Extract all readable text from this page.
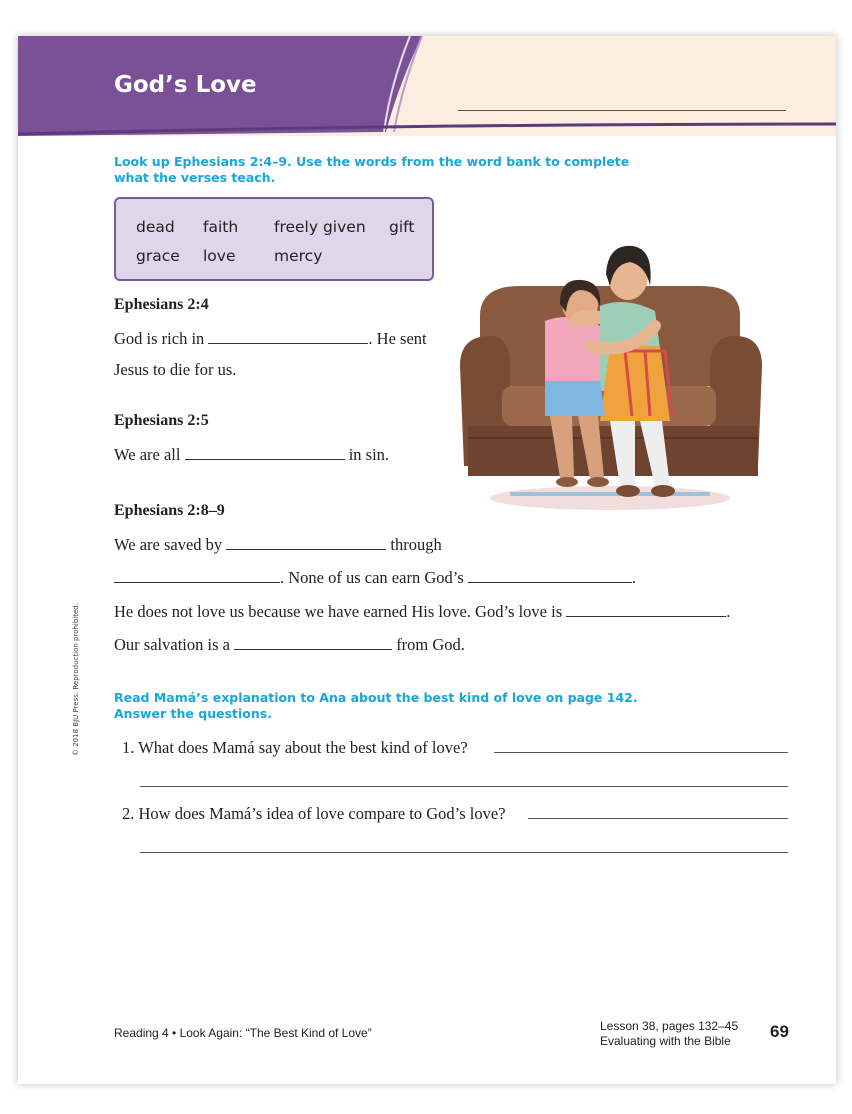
God’s Love
Look up Ephesians 2:4–9. Use the words from the word bank to complete
what the verses teach.
dead faith freely given gift
grace love mercy
Ephesians 2:4
God is rich in	. He sent
Jesus to die for us.
Ephesians 2:5
We are all	in sin.
Ephesians 2:8–9
We are saved by	through
. None of us can earn God’s	.
He does not love us because we have earned His love. God’s love is	.
Our salvation is a	from God.
Read Mamá’s explanation to Ana about the best kind of love on page 142.
Answer the questions.
1. What does Mamá say about the best kind of love?
2. How does Mamá’s idea of love compare to God’s love?
© 2018 BJU Press. Reproduction prohibited.
Reading 4 • Look Again: “The Best Kind of Love”	Lesson 38, pages 132–45
Evaluating with the Bible	69
